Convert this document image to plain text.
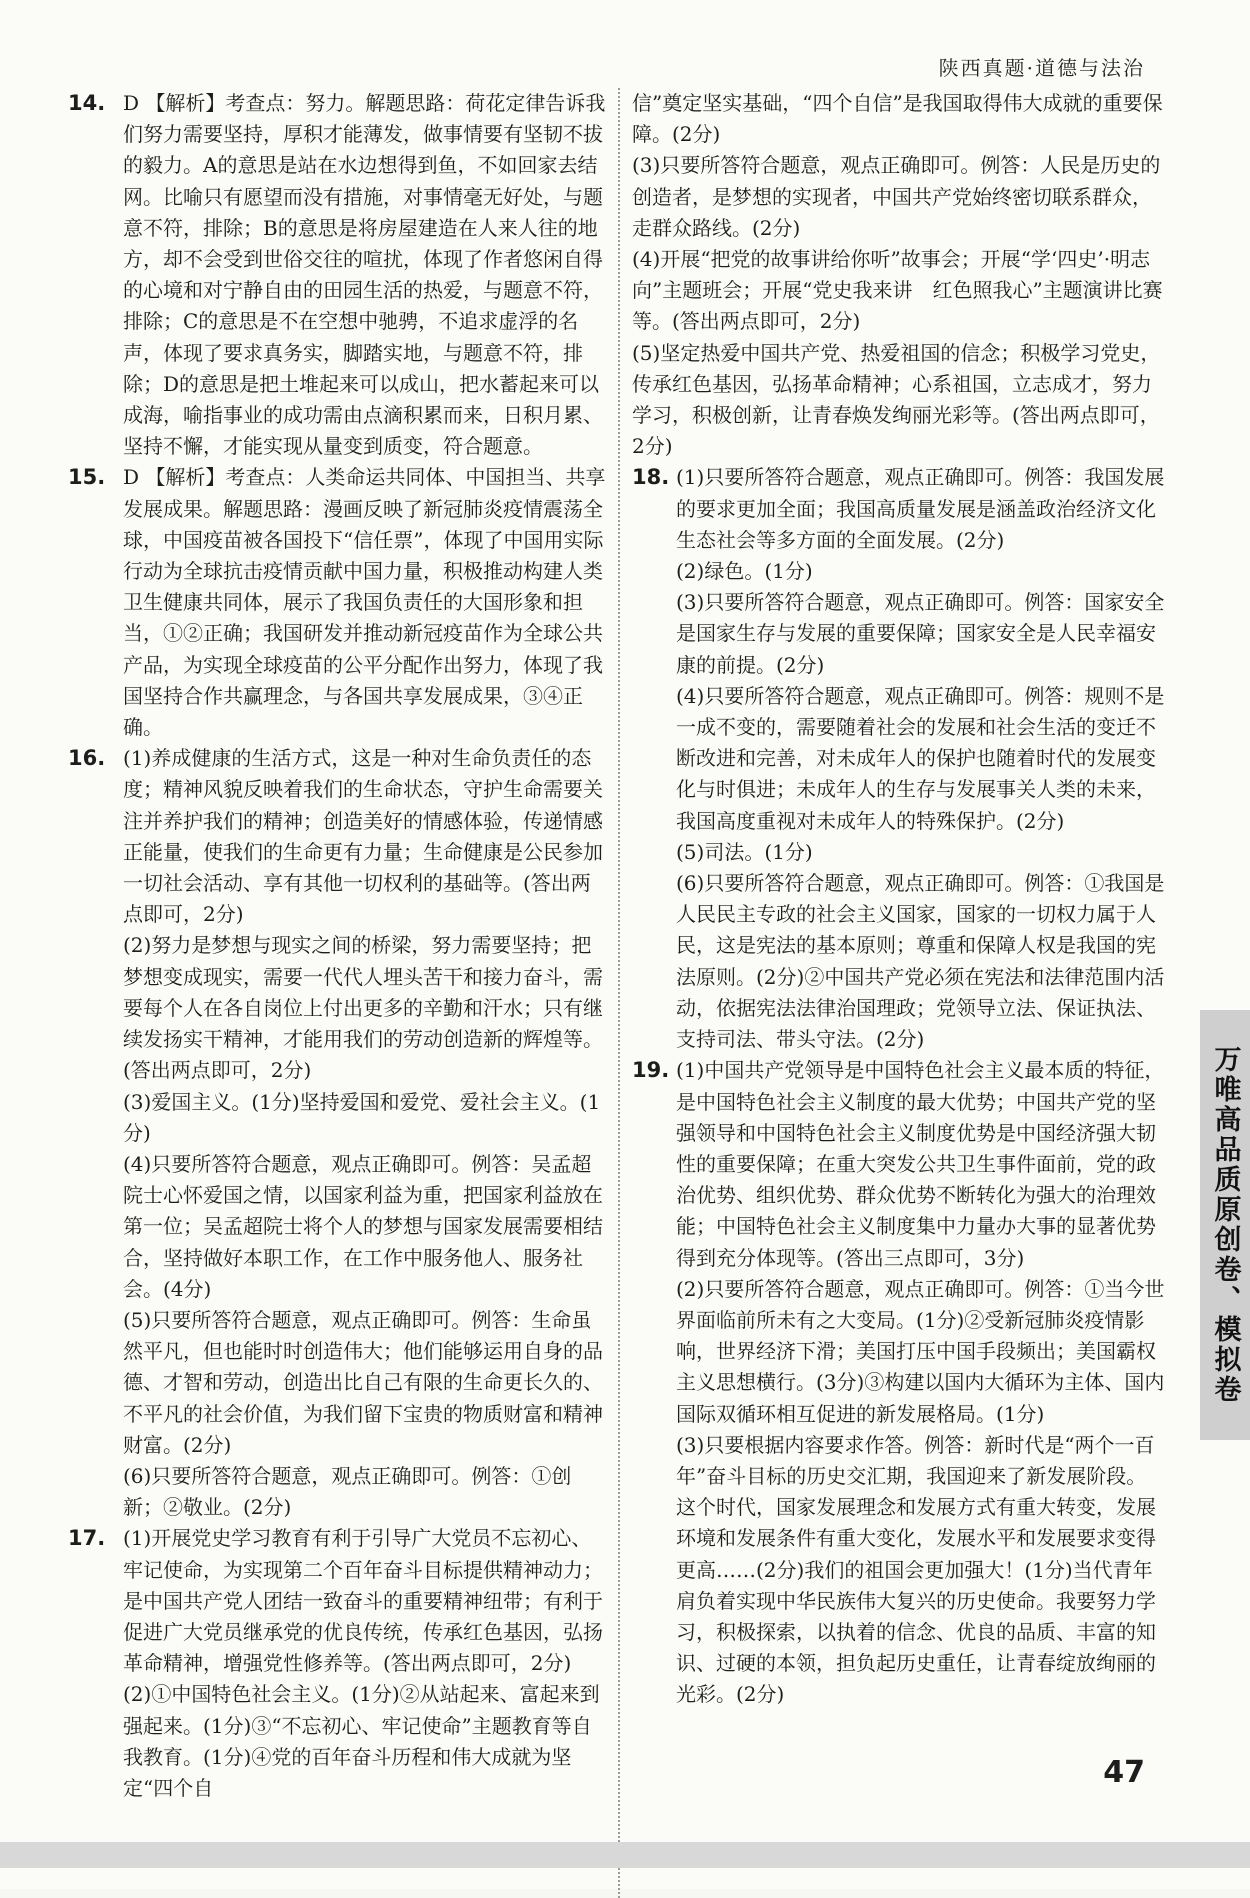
陕西真题·道德与法治
14. D 【解析】考查点：努力。解题思路：荷花定律告诉我们努力需要坚持，厚积才能薄发，做事情要有坚韧不拔的毅力。A的意思是站在水边想得到鱼，不如回家去结网。比喻只有愿望而没有措施，对事情毫无好处，与题意不符，排除；B的意思是将房屋建造在人来人往的地方，却不会受到世俗交往的喧扰，体现了作者悠闲自得的心境和对宁静自由的田园生活的热爱，与题意不符，排除；C的意思是不在空想中驰骋，不追求虚浮的名声，体现了要求真务实，脚踏实地，与题意不符，排除；D的意思是把土堆起来可以成山，把水蓄起来可以成海，喻指事业的成功需由点滴积累而来，日积月累、坚持不懈，才能实现从量变到质变，符合题意。

15. D 【解析】考查点：人类命运共同体、中国担当、共享发展成果。解题思路：漫画反映了新冠肺炎疫情震荡全球，中国疫苗被各国投下“信任票”，体现了中国用实际行动为全球抗击疫情贡献中国力量，积极推动构建人类卫生健康共同体，展示了我国负责任的大国形象和担当，①②正确；我国研发并推动新冠疫苗作为全球公共产品，为实现全球疫苗的公平分配作出努力，体现了我国坚持合作共赢理念，与各国共享发展成果，③④正确。

16. (1)养成健康的生活方式，这是一种对生命负责任的态度；精神风貌反映着我们的生命状态，守护生命需要关注并养护我们的精神；创造美好的情感体验，传递情感正能量，使我们的生命更有力量；生命健康是公民参加一切社会活动、享有其他一切权利的基础等。(答出两点即可，2分)

(2)努力是梦想与现实之间的桥梁，努力需要坚持；把梦想变成现实，需要一代代人埋头苦干和接力奋斗，需要每个人在各自岗位上付出更多的辛勤和汗水；只有继续发扬实干精神，才能用我们的劳动创造新的辉煌等。(答出两点即可，2分)

(3)爱国主义。(1分)坚持爱国和爱党、爱社会主义。(1分)

(4)只要所答符合题意，观点正确即可。例答：吴孟超院士心怀爱国之情，以国家利益为重，把国家利益放在第一位；吴孟超院士将个人的梦想与国家发展需要相结合，坚持做好本职工作，在工作中服务他人、服务社会。(4分)

(5)只要所答符合题意，观点正确即可。例答：生命虽然平凡，但也能时时创造伟大；他们能够运用自身的品德、才智和劳动，创造出比自己有限的生命更长久的、不平凡的社会价值，为我们留下宝贵的物质财富和精神财富。(2分)

(6)只要所答符合题意，观点正确即可。例答：①创新；②敬业。(2分)

17. (1)开展党史学习教育有利于引导广大党员不忘初心、牢记使命，为实现第二个百年奋斗目标提供精神动力；是中国共产党人团结一致奋斗的重要精神纽带；有利于促进广大党员继承党的优良传统，传承红色基因，弘扬革命精神，增强党性修养等。(答出两点即可，2分)

(2)①中国特色社会主义。(1分)②从站起来、富起来到强起来。(1分)③“不忘初心、牢记使命”主题教育等自我教育。(1分)④党的百年奋斗历程和伟大成就为坚定“四个自

信”奠定坚实基础，“四个自信”是我国取得伟大成就的重要保障。(2分)

(3)只要所答符合题意，观点正确即可。例答：人民是历史的创造者，是梦想的实现者，中国共产党始终密切联系群众，走群众路线。(2分)

(4)开展“把党的故事讲给你听”故事会；开展“学‘四史’·明志向”主题班会；开展“党史我来讲　红色照我心”主题演讲比赛等。(答出两点即可，2分)

(5)坚定热爱中国共产党、热爱祖国的信念；积极学习党史，传承红色基因，弘扬革命精神；心系祖国，立志成才，努力学习，积极创新，让青春焕发绚丽光彩等。(答出两点即可，2分)

18. (1)只要所答符合题意，观点正确即可。例答：我国发展的要求更加全面；我国高质量发展是涵盖政治经济文化生态社会等多方面的全面发展。(2分)

(2)绿色。(1分)

(3)只要所答符合题意，观点正确即可。例答：国家安全是国家生存与发展的重要保障；国家安全是人民幸福安康的前提。(2分)

(4)只要所答符合题意，观点正确即可。例答：规则不是一成不变的，需要随着社会的发展和社会生活的变迁不断改进和完善，对未成年人的保护也随着时代的发展变化与时俱进；未成年人的生存与发展事关人类的未来，我国高度重视对未成年人的特殊保护。(2分)

(5)司法。(1分)

(6)只要所答符合题意，观点正确即可。例答：①我国是人民民主专政的社会主义国家，国家的一切权力属于人民，这是宪法的基本原则；尊重和保障人权是我国的宪法原则。(2分)②中国共产党必须在宪法和法律范围内活动，依据宪法法律治国理政；党领导立法、保证执法、支持司法、带头守法。(2分)

19. (1)中国共产党领导是中国特色社会主义最本质的特征，是中国特色社会主义制度的最大优势；中国共产党的坚强领导和中国特色社会主义制度优势是中国经济强大韧性的重要保障；在重大突发公共卫生事件面前，党的政治优势、组织优势、群众优势不断转化为强大的治理效能；中国特色社会主义制度集中力量办大事的显著优势得到充分体现等。(答出三点即可，3分)

(2)只要所答符合题意，观点正确即可。例答：①当今世界面临前所未有之大变局。(1分)②受新冠肺炎疫情影响，世界经济下滑；美国打压中国手段频出；美国霸权主义思想横行。(3分)③构建以国内大循环为主体、国内国际双循环相互促进的新发展格局。(1分)

(3)只要根据内容要求作答。例答：新时代是“两个一百年”奋斗目标的历史交汇期，我国迎来了新发展阶段。这个时代，国家发展理念和发展方式有重大转变，发展环境和发展条件有重大变化，发展水平和发展要求变得更高……(2分)我们的祖国会更加强大！(1分)当代青年肩负着实现中华民族伟大复兴的历史使命。我要努力学习，积极探索，以执着的信念、优良的品质、丰富的知识、过硬的本领，担负起历史重任，让青春绽放绚丽的光彩。(2分)

万唯高品质原创卷、模拟卷
47
